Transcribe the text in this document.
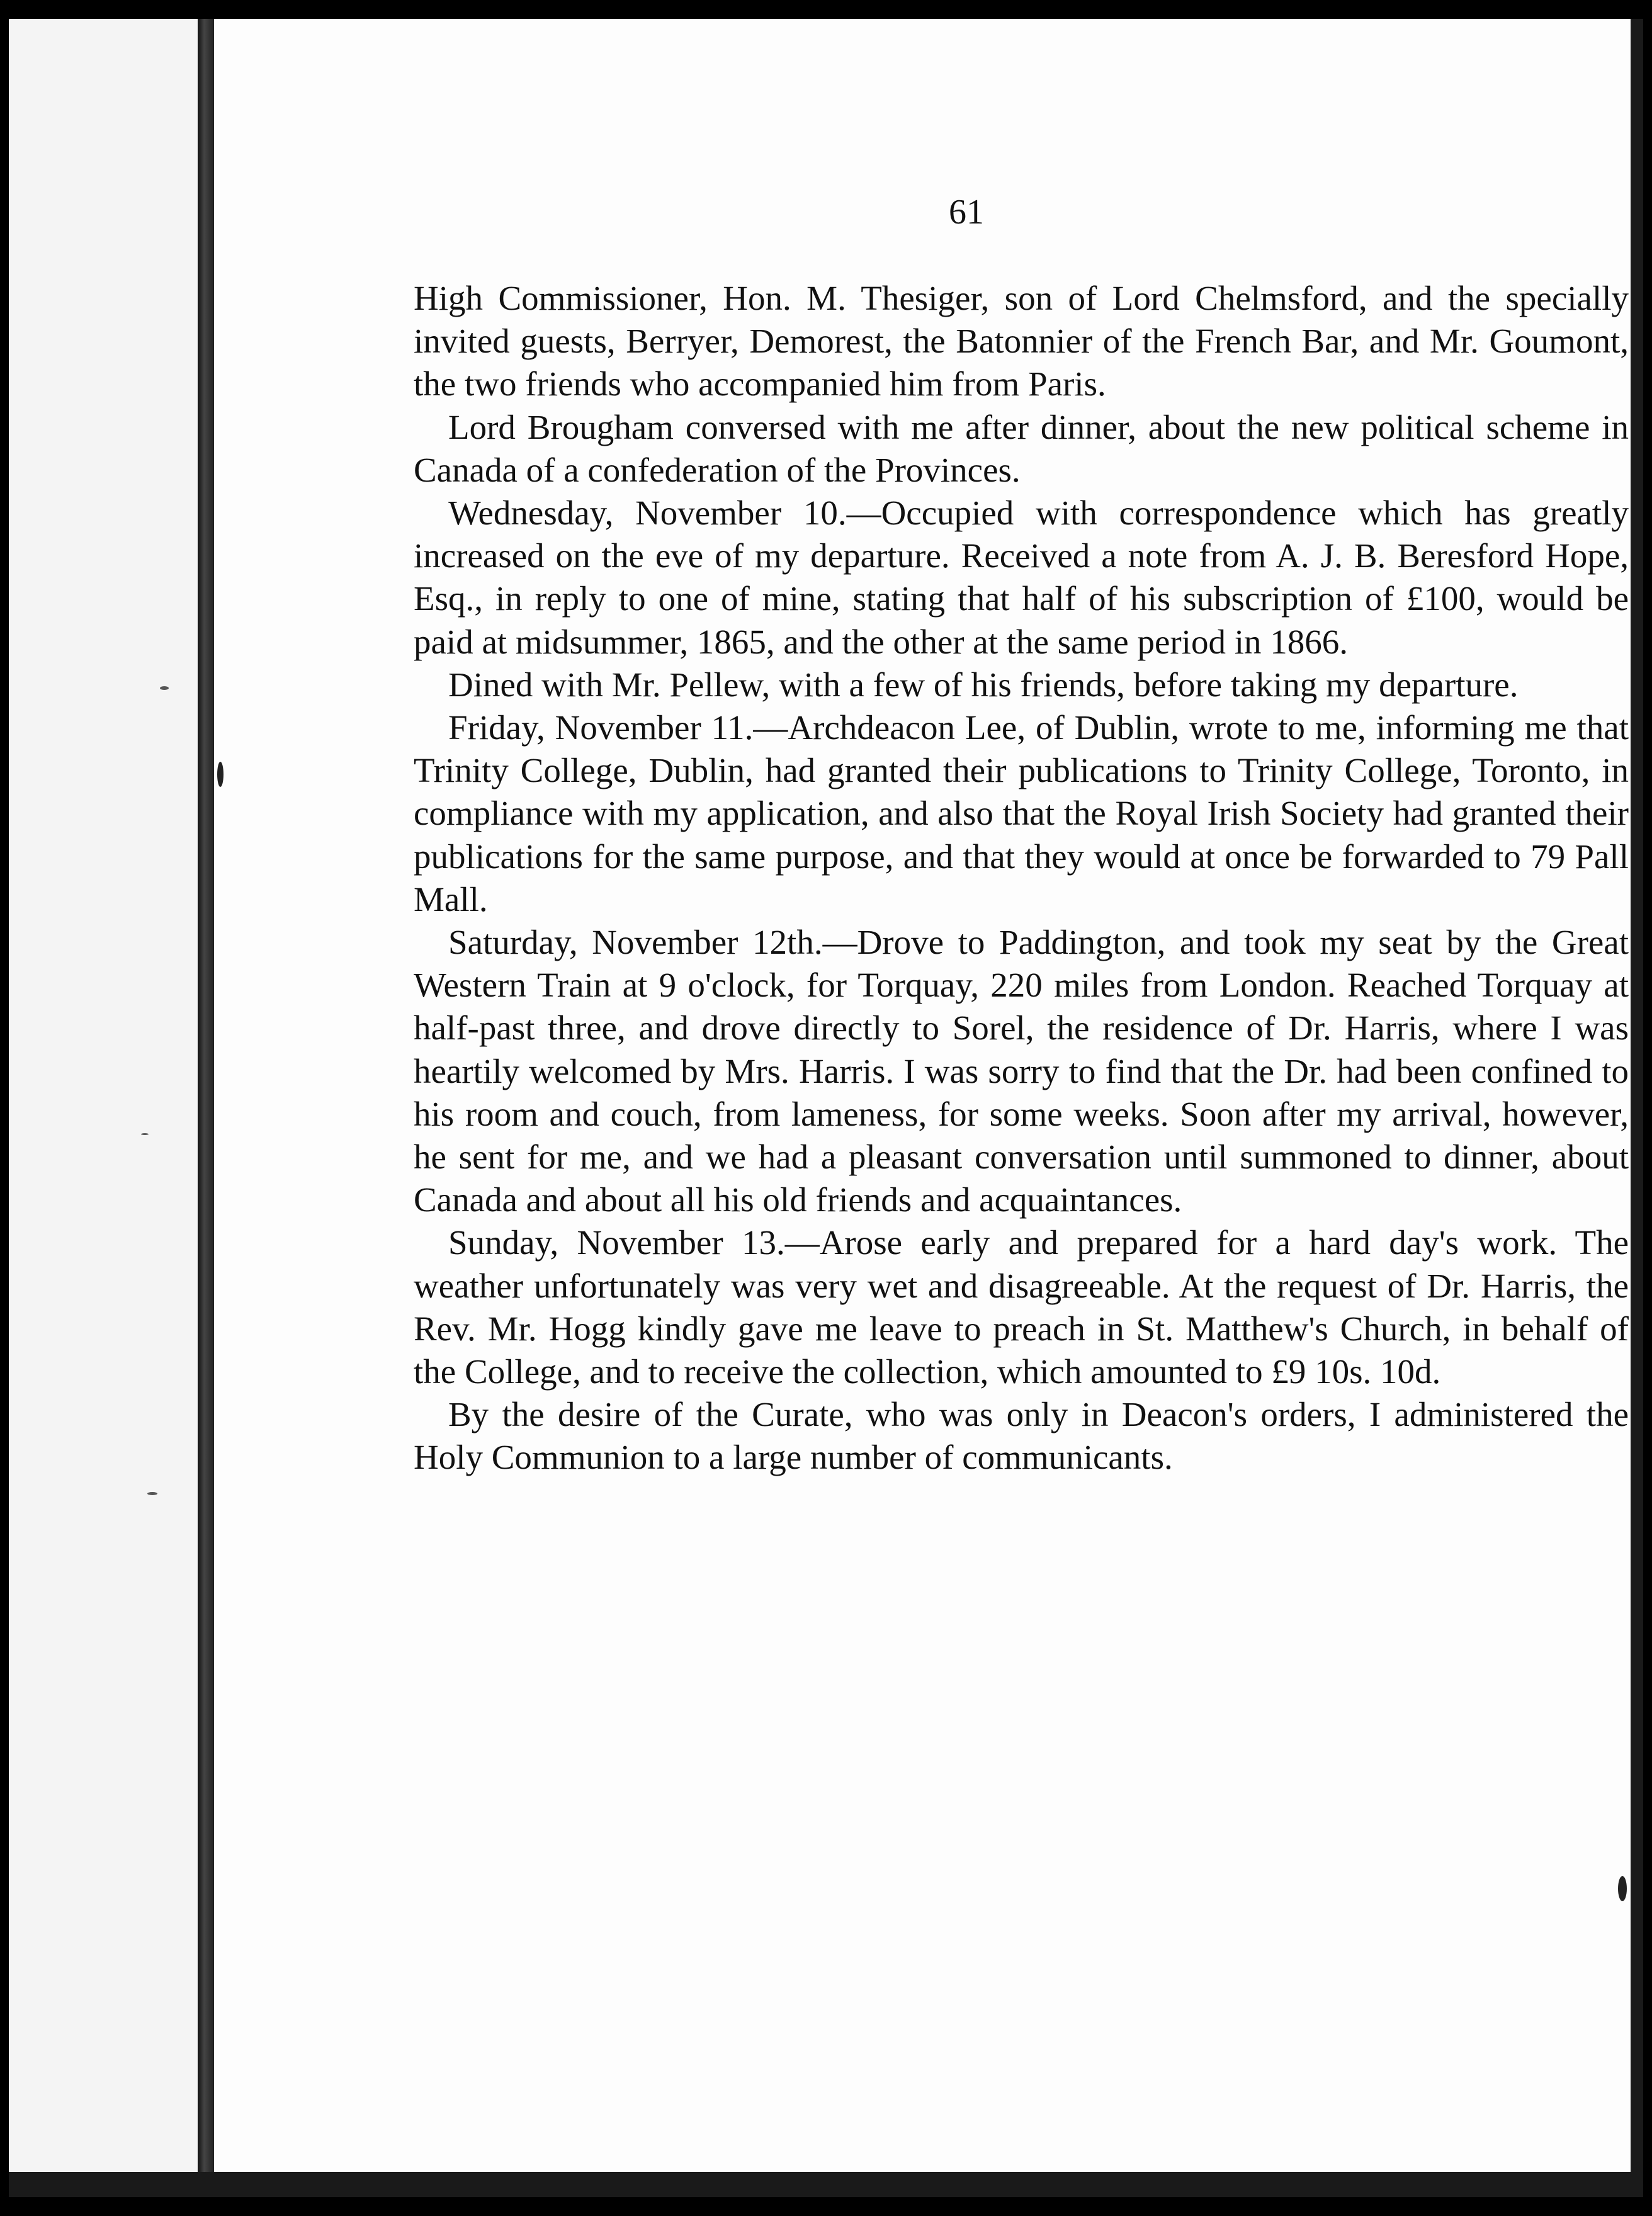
61

High Commissioner, Hon. M. Thesiger, son of Lord Chelmsford, and the specially invited guests, Berryer, Demorest, the Batonnier of the French Bar, and Mr. Goumont, the two friends who accompanied him from Paris.

Lord Brougham conversed with me after dinner, about the new political scheme in Canada of a confederation of the Provinces.

Wednesday, November 10.—Occupied with correspondence which has greatly increased on the eve of my departure. Received a note from A. J. B. Beresford Hope, Esq., in reply to one of mine, stating that half of his subscription of £100, would be paid at midsummer, 1865, and the other at the same period in 1866.

Dined with Mr. Pellew, with a few of his friends, before taking my departure.

Friday, November 11.—Archdeacon Lee, of Dublin, wrote to me, informing me that Trinity College, Dublin, had granted their publications to Trinity College, Toronto, in compliance with my application, and also that the Royal Irish Society had granted their publications for the same purpose, and that they would at once be forwarded to 79 Pall Mall.

Saturday, November 12th.—Drove to Paddington, and took my seat by the Great Western Train at 9 o'clock, for Torquay, 220 miles from London. Reached Torquay at half-past three, and drove directly to Sorel, the residence of Dr. Harris, where I was heartily welcomed by Mrs. Harris. I was sorry to find that the Dr. had been confined to his room and couch, from lameness, for some weeks. Soon after my arrival, however, he sent for me, and we had a pleasant conversation until summoned to dinner, about Canada and about all his old friends and acquaintances.

Sunday, November 13.—Arose early and prepared for a hard day's work. The weather unfortunately was very wet and disagreeable. At the request of Dr. Harris, the Rev. Mr. Hogg kindly gave me leave to preach in St. Matthew's Church, in behalf of the College, and to receive the collection, which amounted to £9 10s. 10d.

By the desire of the Curate, who was only in Deacon's orders, I administered the Holy Communion to a large number of communicants.
